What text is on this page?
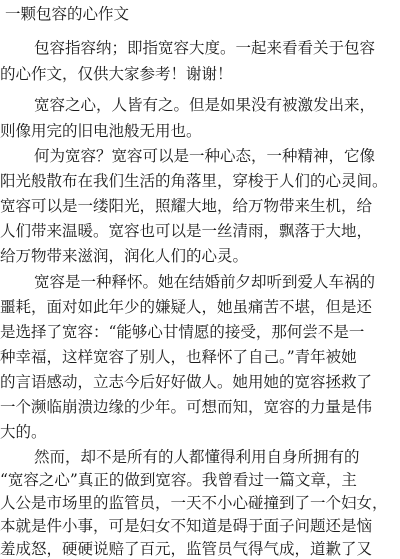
一颗包容的心作文
包容指容纳；即指宽容大度。一起来看看关于包容
的心作文，仅供大家参考！谢谢！
宽容之心，人皆有之。但是如果没有被激发出来，
则像用完的旧电池般无用也。
何为宽容？宽容可以是一种心态，一种精神，它像
阳光般散布在我们生活的角落里，穿梭于人们的心灵间。
宽容可以是一缕阳光，照耀大地，给万物带来生机，给
人们带来温暖。宽容也可以是一丝清雨，飘落于大地，
给万物带来滋润，润化人们的心灵。
宽容是一种释怀。她在结婚前夕却听到爱人车祸的
噩耗，面对如此年少的嫌疑人，她虽痛苦不堪，但是还
是选择了宽容：“能够心甘情愿的接受，那何尝不是一
种幸福，这样宽容了别人，也释怀了自己。”青年被她
的言语感动，立志今后好好做人。她用她的宽容拯救了
一个濒临崩溃边缘的少年。可想而知，宽容的力量是伟
大的。
然而，却不是所有的人都懂得利用自身所拥有的
“宽容之心”真正的做到宽容。我曾看过一篇文章，主
人公是市场里的监管员，一天不小心碰撞到了一个妇女，
本就是件小事，可是妇女不知道是碍于面子问题还是恼
羞成怒，硬硬说赔了百元，监管员气得气成，道歉了又
